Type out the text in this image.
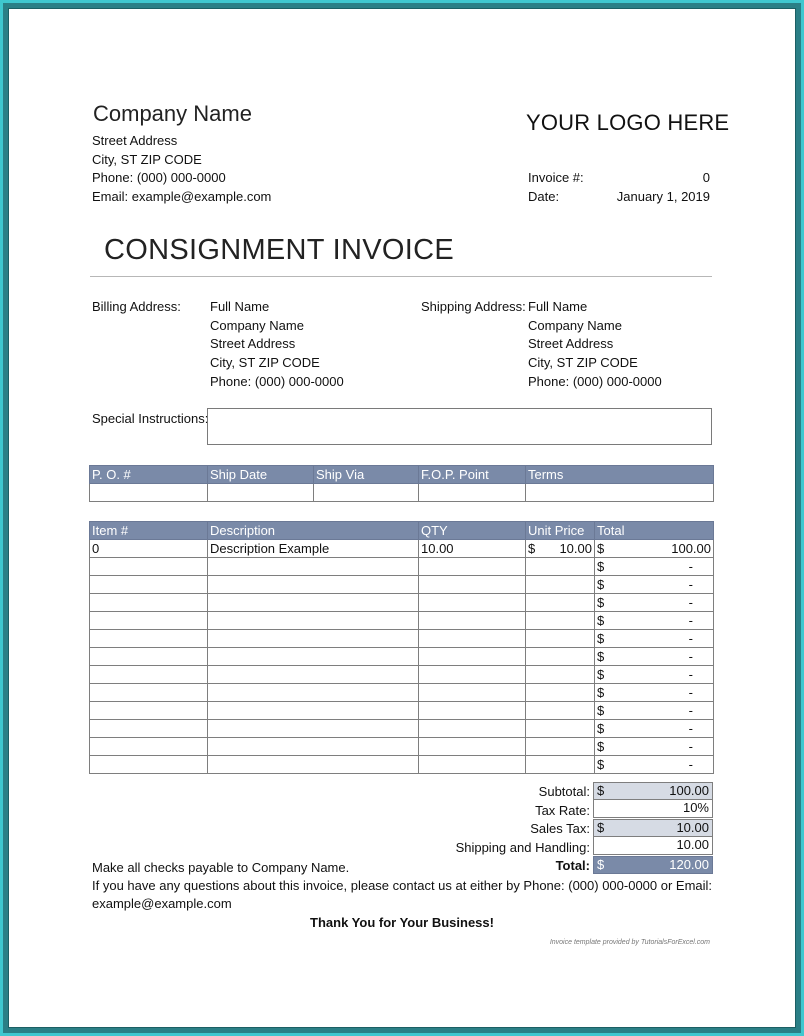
Company Name
Street Address
City, ST ZIP CODE
Phone: (000) 000-0000
Email: example@example.com
YOUR LOGO HERE
Invoice #:	0
Date:	January 1, 2019
CONSIGNMENT INVOICE
Billing Address: Full Name
Company Name
Street Address
City, ST ZIP CODE
Phone: (000) 000-0000
Shipping Address: Full Name
Company Name
Street Address
City, ST ZIP CODE
Phone: (000) 000-0000
Special Instructions:
P. O. #	Ship Date	Ship Via	F.O.P. Point	Terms

Item #	Description	QTY	Unit Price	Total
0	Description Example	10.00	$ 10.00	$ 100.00

				$ -

				$ -

				$ -

				$ -

				$ -

				$ -

				$ -

				$ -

				$ -

				$ -

				$ -

				$ -
Subtotal: $	100.00
Tax Rate:	10%
Sales Tax: $	10.00
Shipping and Handling:	10.00
Total: $	120.00
Make all checks payable to Company Name.
If you have any questions about this invoice, please contact us at either by Phone: (000) 000-0000 or Email:
example@example.com
Thank You for Your Business!
Invoice template provided by TutorialsForExcel.com
